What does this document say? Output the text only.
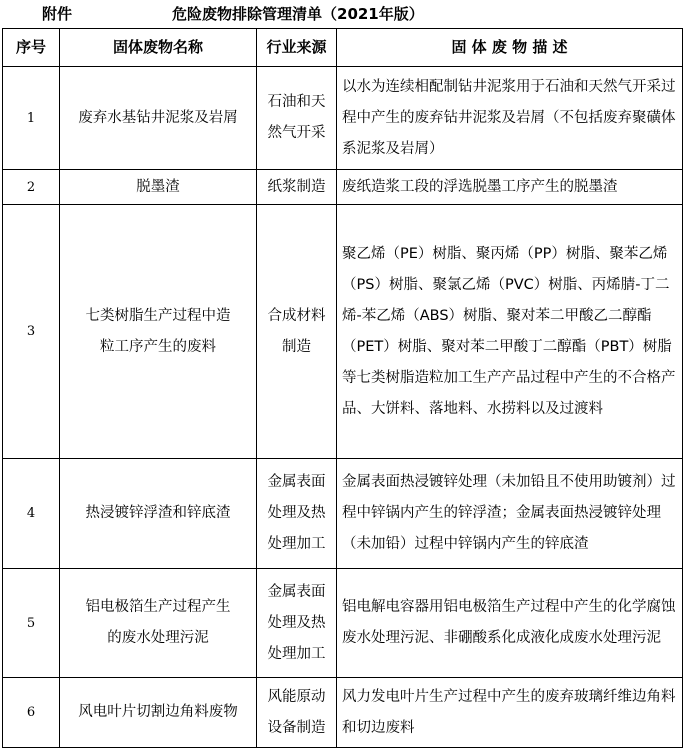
附件	危险废物排除管理清单（2021年版）
序号	固体废物名称	行业来源	固 体 废 物 描 述
1	废弃水基钻井泥浆及岩屑	石油和天然气开采	以水为连续相配制钻井泥浆用于石油和天然气开采过程中产生的废弃钻井泥浆及岩屑（不包括废弃聚磺体系泥浆及岩屑）
2	脱墨渣	纸浆制造	废纸造浆工段的浮选脱墨工序产生的脱墨渣
3	七类树脂生产过程中造粒工序产生的废料	合成材料制造	聚乙烯（PE）树脂、聚丙烯（PP）树脂、聚苯乙烯（PS）树脂、聚氯乙烯（PVC）树脂、丙烯腈-丁二烯-苯乙烯（ABS）树脂、聚对苯二甲酸乙二醇酯（PET）树脂、聚对苯二甲酸丁二醇酯（PBT）树脂等七类树脂造粒加工生产产品过程中产生的不合格产品、大饼料、落地料、水捞料以及过渡料
4	热浸镀锌浮渣和锌底渣	金属表面处理及热处理加工	金属表面热浸镀锌处理（未加铅且不使用助镀剂）过程中锌锅内产生的锌浮渣；金属表面热浸镀锌处理（未加铅）过程中锌锅内产生的锌底渣
5	铝电极箔生产过程产生的废水处理污泥	金属表面处理及热处理加工	铝电解电容器用铝电极箔生产过程中产生的化学腐蚀废水处理污泥、非硼酸系化成液化成废水处理污泥
6	风电叶片切割边角料废物	风能原动设备制造	风力发电叶片生产过程中产生的废弃玻璃纤维边角料和切边废料
